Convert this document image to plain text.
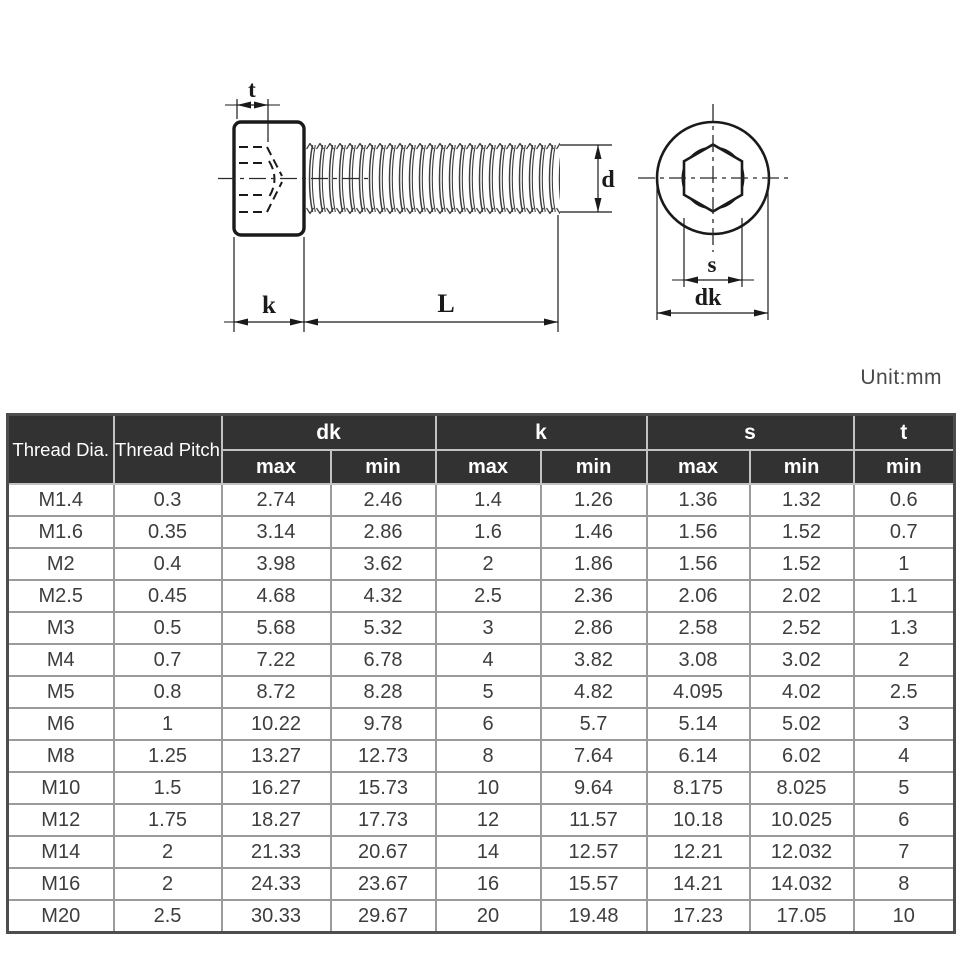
t
d
k	L
s
dk
Unit:mm
Thread Dia.	Thread Pitch	dk		k		s		t
		max	min	max	min	max	min	min
M1.4	0.3	2.74	2.46	1.4	1.26	1.36	1.32	0.6
M1.6	0.35	3.14	2.86	1.6	1.46	1.56	1.52	0.7
M2	0.4	3.98	3.62	2	1.86	1.56	1.52	1
M2.5	0.45	4.68	4.32	2.5	2.36	2.06	2.02	1.1
M3	0.5	5.68	5.32	3	2.86	2.58	2.52	1.3
M4	0.7	7.22	6.78	4	3.82	3.08	3.02	2
M5	0.8	8.72	8.28	5	4.82	4.095	4.02	2.5
M6	1	10.22	9.78	6	5.7	5.14	5.02	3
M8	1.25	13.27	12.73	8	7.64	6.14	6.02	4
M10	1.5	16.27	15.73	10	9.64	8.175	8.025	5
M12	1.75	18.27	17.73	12	11.57	10.18	10.025	6
M14	2	21.33	20.67	14	12.57	12.21	12.032	7
M16	2	24.33	23.67	16	15.57	14.21	14.032	8
M20	2.5	30.33	29.67	20	19.48	17.23	17.05	10
